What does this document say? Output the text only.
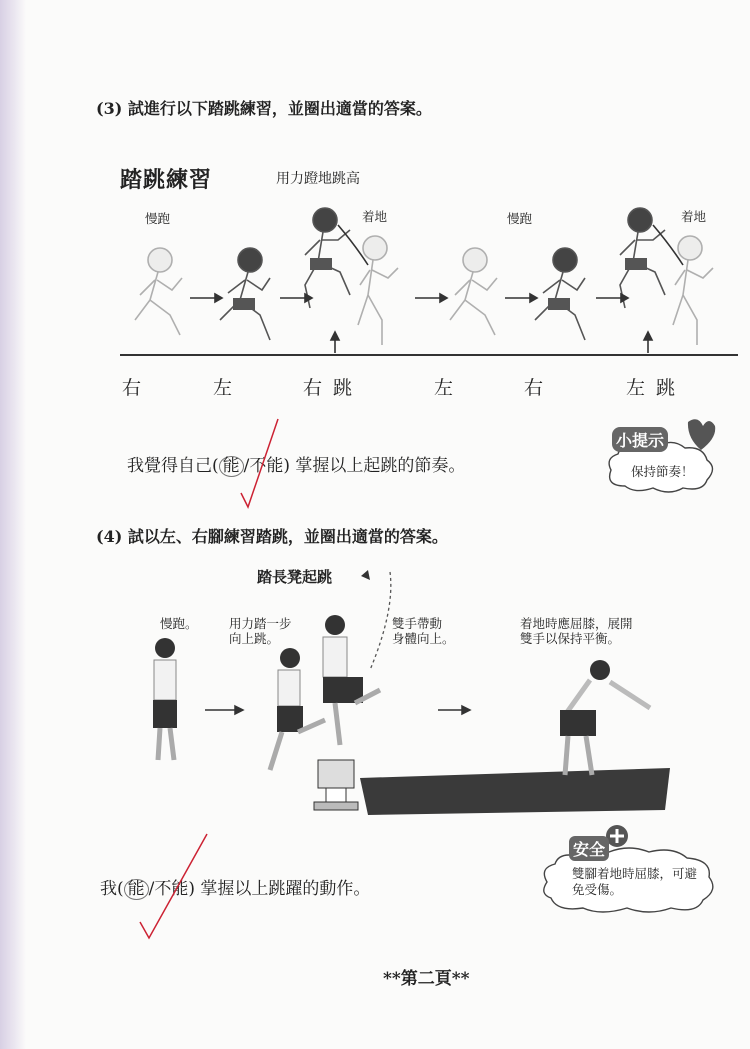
(3) 試進行以下踏跳練習，並圈出適當的答案。
踏跳練習	用力蹬地跳高
慢跑	着地	慢跑	着地
右	左	右 跳	左	右	左 跳
我覺得自己( 能 /不能) 掌握以上起跳的節奏。
小提示
保持節奏！
(4) 試以左、右腳練習踏跳，並圈出適當的答案。
踏長凳起跳
慢跑。	用力踏一步
向上跳。
雙手帶動
身體向上。
着地時應屈膝，展開
雙手以保持平衡。
我( 能 /不能) 掌握以上跳躍的動作。
安全
雙腳着地時屈膝，可避
免受傷。
**第二頁**
